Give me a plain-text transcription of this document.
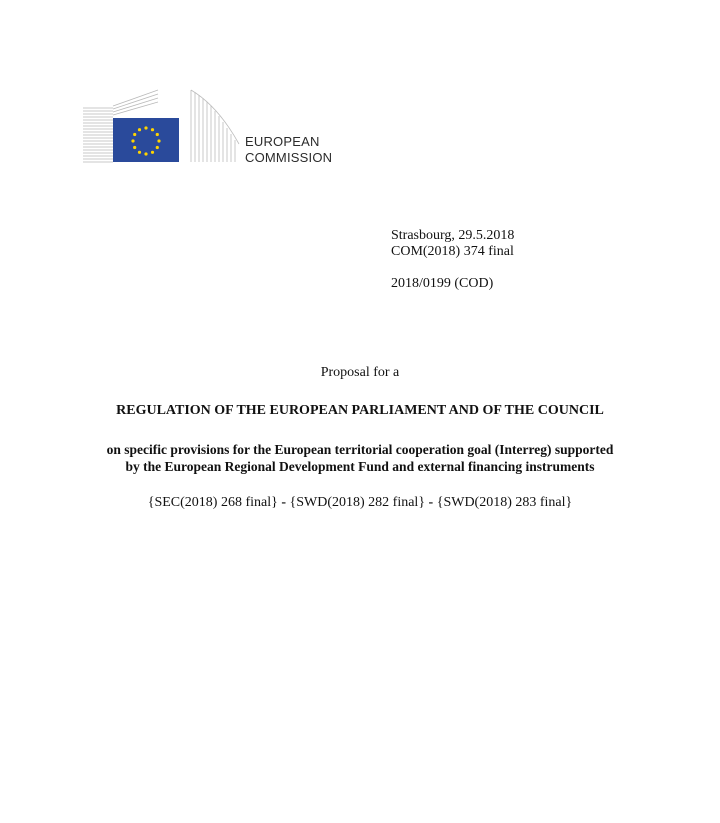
EUROPEAN
COMMISSION
Strasbourg, 29.5.2018
COM(2018) 374 final
2018/0199 (COD)
Proposal for a
REGULATION OF THE EUROPEAN PARLIAMENT AND OF THE COUNCIL
on specific provisions for the European territorial cooperation goal (Interreg) supported
by the European Regional Development Fund and external financing instruments
{SEC(2018) 268 final} - {SWD(2018) 282 final} - {SWD(2018) 283 final}
